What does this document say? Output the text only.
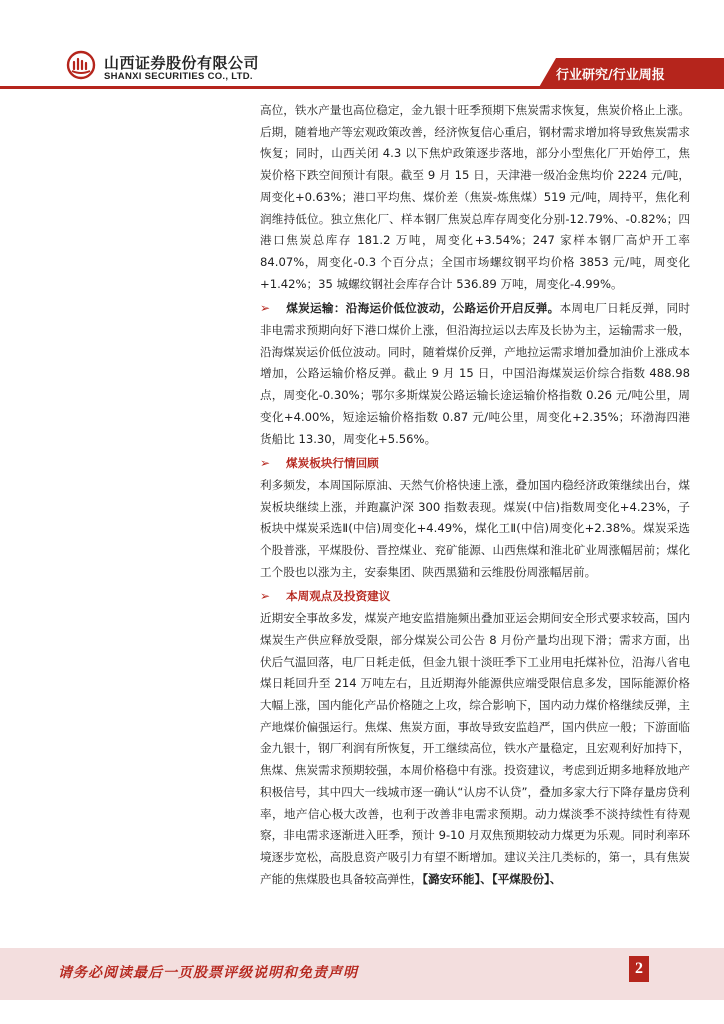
山西证券股份有限公司
SHANXI SECURITIES CO., LTD.	行业研究/行业周报

高位，铁水产量也高位稳定，金九银十旺季预期下焦炭需求恢复，焦炭价格止上涨。后期，随着地产等宏观政策改善，经济恢复信心重启，钢材需求增加将导致焦炭需求恢复；同时，山西关闭 4.3 以下焦炉政策逐步落地，部分小型焦化厂开始停工，焦炭价格下跌空间预计有限。截至 9 月 15 日，天津港一级冶金焦均价 2224 元/吨，周变化+0.63%；港口平均焦、煤价差（焦炭-炼焦煤）519 元/吨，周持平，焦化利润维持低位。独立焦化厂、样本钢厂焦炭总库存周变化分别-12.79%、-0.82%；四港口焦炭总库存 181.2 万吨，周变化+3.54%；247 家样本钢厂高炉开工率 84.07%，周变化-0.3 个百分点；全国市场螺纹钢平均价格 3853 元/吨，周变化+1.42%；35 城螺纹钢社会库存合计 536.89 万吨，周变化-4.99%。

➢ 煤炭运输：沿海运价低位波动，公路运价开启反弹。本周电厂日耗反弹，同时非电需求预期向好下港口煤价上涨，但沿海拉运以去库及长协为主，运输需求一般，沿海煤炭运价低位波动。同时，随着煤价反弹，产地拉运需求增加叠加油价上涨成本增加，公路运输价格反弹。截止 9 月 15 日，中国沿海煤炭运价综合指数 488.98 点，周变化-0.30%；鄂尔多斯煤炭公路运输长途运输价格指数 0.26 元/吨公里，周变化+4.00%，短途运输价格指数 0.87 元/吨公里，周变化+2.35%；环渤海四港货船比 13.30，周变化+5.56%。

➢ 煤炭板块行情回顾

利多频发，本周国际原油、天然气价格快速上涨，叠加国内稳经济政策继续出台，煤炭板块继续上涨，并跑赢沪深 300 指数表现。煤炭(中信)指数周变化+4.23%，子板块中煤炭采选Ⅱ(中信)周变化+4.49%，煤化工Ⅱ(中信)周变化+2.38%。煤炭采选个股普涨，平煤股份、晋控煤业、兖矿能源、山西焦煤和淮北矿业周涨幅居前；煤化工个股也以涨为主，安泰集团、陕西黑猫和云维股份周涨幅居前。

➢ 本周观点及投资建议

近期安全事故多发，煤炭产地安监措施频出叠加亚运会期间安全形式要求较高，国内煤炭生产供应释放受限，部分煤炭公司公告 8 月份产量均出现下滑；需求方面，出伏后气温回落，电厂日耗走低，但金九银十淡旺季下工业用电托煤补位，沿海八省电煤日耗回升至 214 万吨左右，且近期海外能源供应端受限信息多发，国际能源价格大幅上涨，国内能化产品价格随之上攻，综合影响下，国内动力煤价格继续反弹，主产地煤价偏强运行。焦煤、焦炭方面，事故导致安监趋严，国内供应一般；下游面临金九银十，钢厂利润有所恢复，开工继续高位，铁水产量稳定，且宏观利好加持下，焦煤、焦炭需求预期较强，本周价格稳中有涨。投资建议，考虑到近期多地释放地产积极信号，其中四大一线城市逐一确认“认房不认贷”，叠加多家大行下降存量房贷利率，地产信心极大改善，也利于改善非电需求预期。动力煤淡季不淡持续性有待观察，非电需求逐渐进入旺季，预计 9-10 月双焦预期较动力煤更为乐观。同时利率环境逐步宽松，高股息资产吸引力有望不断增加。建议关注几类标的，第一，具有焦炭产能的焦煤股也具备较高弹性，【潞安环能】、【平煤股份】、

请务必阅读最后一页股票评级说明和免责声明	2
